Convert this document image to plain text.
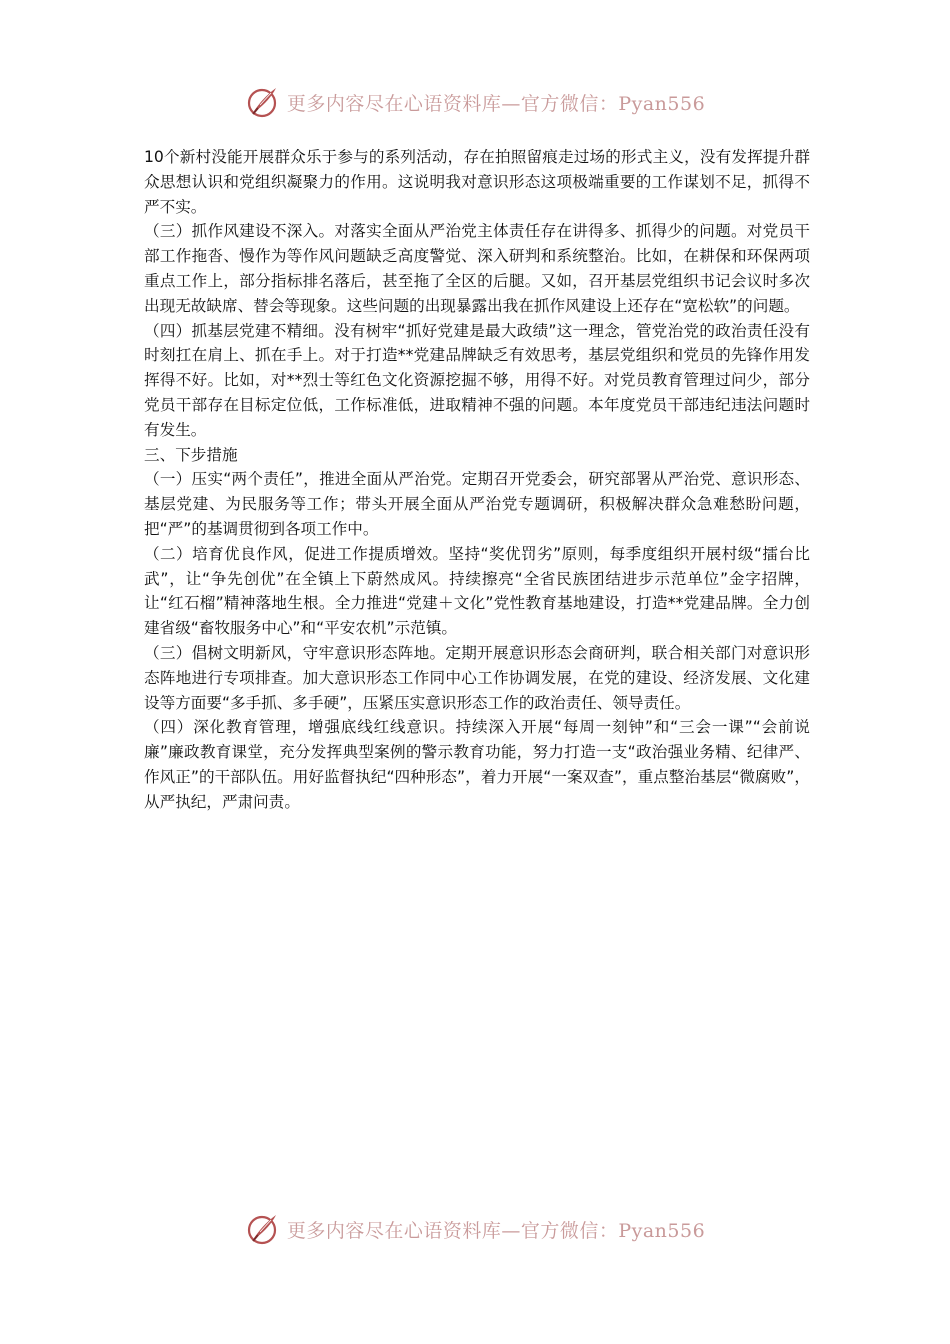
更多内容尽在心语资料库—官方微信：Pyan556

10个新村没能开展群众乐于参与的系列活动，存在拍照留痕走过场的形式主义，没有发挥提升群众思想认识和党组织凝聚力的作用。这说明我对意识形态这项极端重要的工作谋划不足，抓得不严不实。

（三）抓作风建设不深入。对落实全面从严治党主体责任存在讲得多、抓得少的问题。对党员干部工作拖沓、慢作为等作风问题缺乏高度警觉、深入研判和系统整治。比如，在耕保和环保两项重点工作上，部分指标排名落后，甚至拖了全区的后腿。又如，召开基层党组织书记会议时多次出现无故缺席、替会等现象。这些问题的出现暴露出我在抓作风建设上还存在“宽松软”的问题。

（四）抓基层党建不精细。没有树牢“抓好党建是最大政绩”这一理念，管党治党的政治责任没有时刻扛在肩上、抓在手上。对于打造**党建品牌缺乏有效思考，基层党组织和党员的先锋作用发挥得不好。比如，对**烈士等红色文化资源挖掘不够，用得不好。对党员教育管理过问少，部分党员干部存在目标定位低，工作标准低，进取精神不强的问题。本年度党员干部违纪违法问题时有发生。

三、下步措施

（一）压实“两个责任”，推进全面从严治党。定期召开党委会，研究部署从严治党、意识形态、基层党建、为民服务等工作；带头开展全面从严治党专题调研，积极解决群众急难愁盼问题，把“严”的基调贯彻到各项工作中。

（二）培育优良作风，促进工作提质增效。坚持“奖优罚劣”原则，每季度组织开展村级“擂台比武”，让“争先创优”在全镇上下蔚然成风。持续擦亮“全省民族团结进步示范单位”金字招牌，让“红石榴”精神落地生根。全力推进“党建＋文化”党性教育基地建设，打造**党建品牌。全力创建省级“畜牧服务中心”和“平安农机”示范镇。

（三）倡树文明新风，守牢意识形态阵地。定期开展意识形态会商研判，联合相关部门对意识形态阵地进行专项排查。加大意识形态工作同中心工作协调发展，在党的建设、经济发展、文化建设等方面要“多手抓、多手硬”，压紧压实意识形态工作的政治责任、领导责任。

（四）深化教育管理，增强底线红线意识。持续深入开展“每周一刻钟”和“三会一课”“会前说廉”廉政教育课堂，充分发挥典型案例的警示教育功能，努力打造一支“政治强业务精、纪律严、作风正”的干部队伍。用好监督执纪“四种形态”，着力开展“一案双查”，重点整治基层“微腐败”，从严执纪，严肃问责。

更多内容尽在心语资料库—官方微信：Pyan556
